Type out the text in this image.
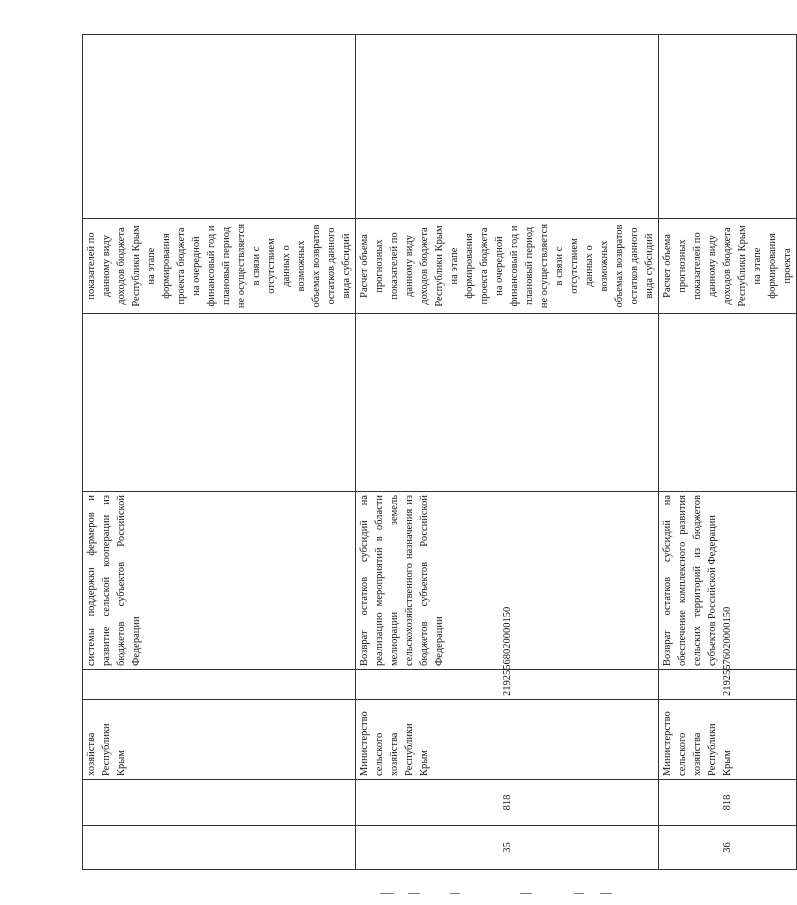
		хозяйства Республики Крым		системы поддержки фермеров и развитие сельской кооперации из бюджетов субъектов Российской Федерации		показателей по данному виду доходов бюджета Республики Крым на этапе формирования проекта бюджета на очередной финансовый год и плановый период не осуществляется в связи с отсутствием данных о возможных объемах возвратов остатков данного вида субсидий	
35	818	Министерство сельского хозяйства Республики Крым	21925568020000150	Возврат остатков субсидий на реализацию мероприятий в области мелиорации земель сельскохозяйственного назначения из бюджетов субъектов Российской Федерации		Расчет объема прогнозных показателей по данному виду доходов бюджета Республики Крым на этапе формирования проекта бюджета на очередной финансовый год и плановый период не осуществляется в связи с отсутствием данных о возможных объемах возвратов остатков данного вида субсидий	
36	818	Министерство сельского хозяйства Республики Крым	21925576020000150	Возврат остатков субсидий на обеспечение комплексного развития сельских территорий из бюджетов субъектов Российской Федерации		Расчет объема прогнозных показателей по данному виду доходов бюджета Республики Крым на этапе формирования проекта	
